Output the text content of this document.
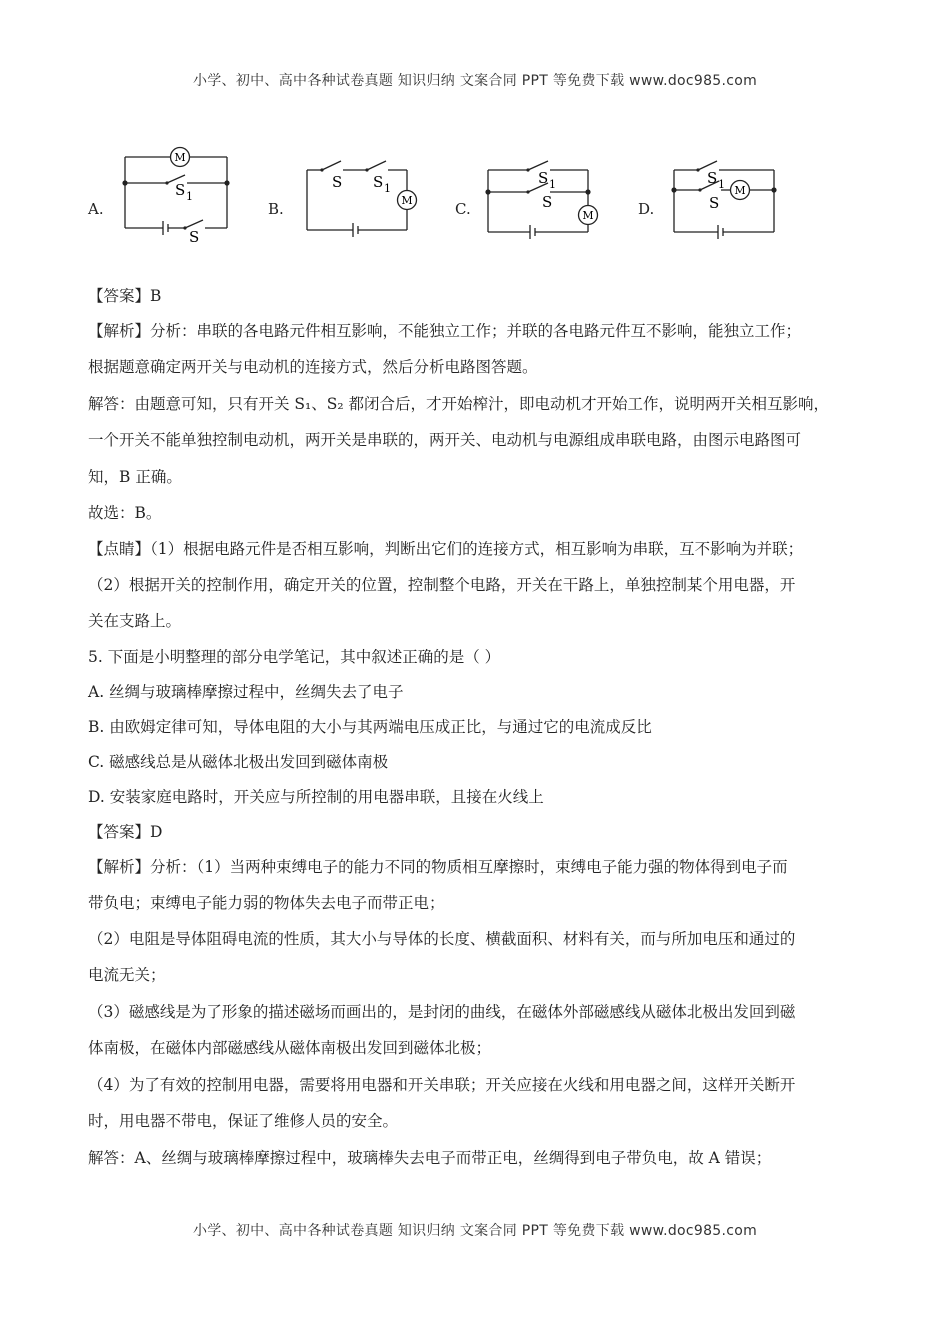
小学、初中、高中各种试卷真题 知识归纳 文案合同 PPT 等免费下载 www.doc985.com
A.	B.	C.	D.
M
S 1
S
S S 1
M
S 1
S
M
S 1
S
M
【答案】B
【解析】分析：串联的各电路元件相互影响，不能独立工作；并联的各电路元件互不影响，能独立工作；
根据题意确定两开关与电动机的连接方式，然后分析电路图答题。
解答：由题意可知，只有开关 S₁、S₂ 都闭合后，才开始榨汁，即电动机才开始工作，说明两开关相互影响，
一个开关不能单独控制电动机，两开关是串联的，两开关、电动机与电源组成串联电路，由图示电路图可
知，B 正确。
故选：B。
【点睛】（1）根据电路元件是否相互影响，判断出它们的连接方式，相互影响为串联，互不影响为并联；
（2）根据开关的控制作用，确定开关的位置，控制整个电路，开关在干路上，单独控制某个用电器，开
关在支路上。
5. 下面是小明整理的部分电学笔记，其中叙述正确的是（ ）
A. 丝绸与玻璃棒摩擦过程中，丝绸失去了电子
B. 由欧姆定律可知，导体电阻的大小与其两端电压成正比，与通过它的电流成反比
C. 磁感线总是从磁体北极出发回到磁体南极
D. 安装家庭电路时，开关应与所控制的用电器串联，且接在火线上
【答案】D
【解析】分析：（1）当两种束缚电子的能力不同的物质相互摩擦时，束缚电子能力强的物体得到电子而
带负电；束缚电子能力弱的物体失去电子而带正电；
（2）电阻是导体阻碍电流的性质，其大小与导体的长度、横截面积、材料有关，而与所加电压和通过的
电流无关；
（3）磁感线是为了形象的描述磁场而画出的，是封闭的曲线，在磁体外部磁感线从磁体北极出发回到磁
体南极，在磁体内部磁感线从磁体南极出发回到磁体北极；
（4）为了有效的控制用电器，需要将用电器和开关串联；开关应接在火线和用电器之间，这样开关断开
时，用电器不带电，保证了维修人员的安全。
解答：A、丝绸与玻璃棒摩擦过程中，玻璃棒失去电子而带正电，丝绸得到电子带负电，故 A 错误；
小学、初中、高中各种试卷真题 知识归纳 文案合同 PPT 等免费下载 www.doc985.com
